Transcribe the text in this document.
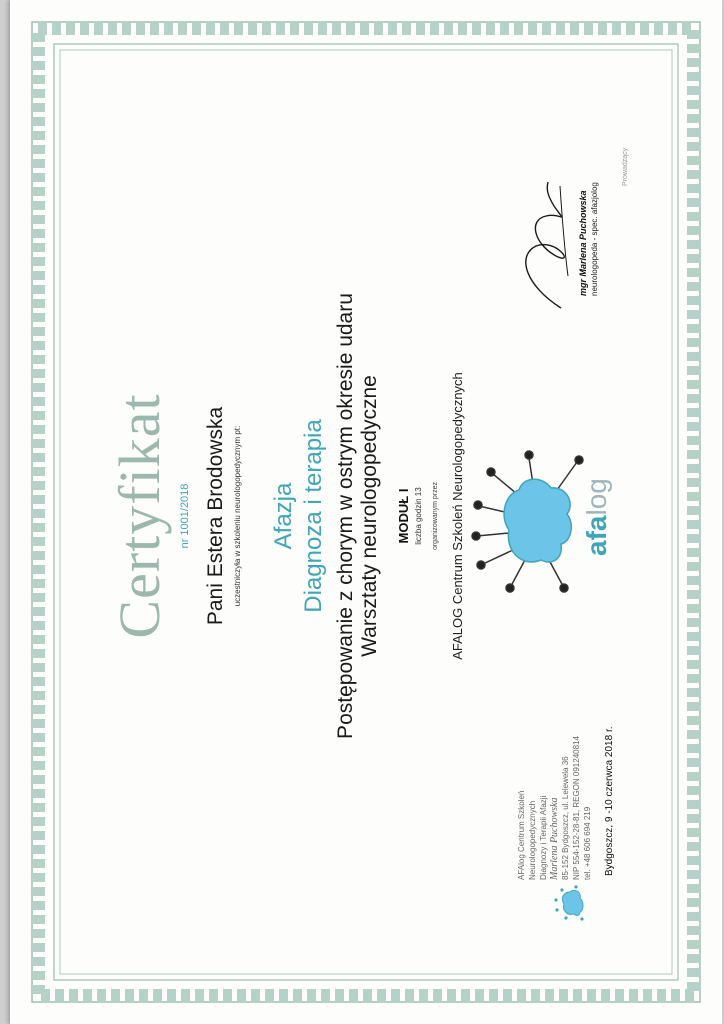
Certyfikat nr 1001/2018 Pani Estera Brodowska uczestniczyła w szkoleniu neurologopedycznym pt: Afazja Diagnoza i terapia Postępowanie z chorym w ostrym okresie udaru Warsztaty neurologopedyczne MODUŁ I liczba godzin 13 organizowanym przez AFALOG Centrum Szkoleń Neurologopedycznych	afalog
AFAlog Centrum Szkoleń Neurologopedycznych Diagnozy i Terapii Afazji Marlena Puchowska 85-152 Bydgoszcz, ul. Lelewela 36 NIP 554-152-28-81, REGON 091240814 tel. +48 606 694 219 Bydgoszcz, 9 -10 czerwca 2018 r.
mgr Marlena Puchowska neurologopeda - spec. afazjolog
Prowadzący
